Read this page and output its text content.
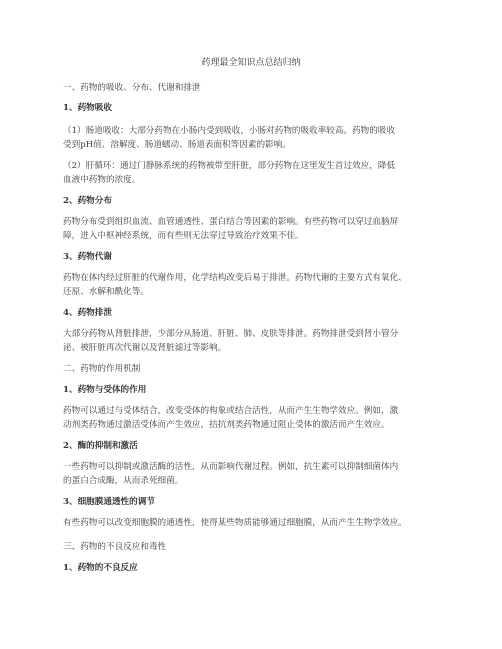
药理最全知识点总结归纳
一、药物的吸收、分布、代谢和排泄
1、药物吸收
（1）肠道吸收：大部分药物在小肠内受到吸收，小肠对药物的吸收率较高。药物的吸收
受到pH值、溶解度、肠道蠕动、肠道表面积等因素的影响。
（2）肝循环：通过门静脉系统的药物被带至肝脏，部分药物在这里发生首过效应，降低
血液中药物的浓度。
2、药物分布
药物分布受到组织血流、血管通透性、蛋白结合等因素的影响。有些药物可以穿过血脑屏
障，进入中枢神经系统，而有些则无法穿过导致治疗效果不佳。
3、药物代谢
药物在体内经过肝脏的代谢作用，化学结构改变后易于排泄。药物代谢的主要方式有氧化、
还原、水解和酰化等。
4、药物排泄
大部分药物从肾脏排泄，少部分从肠道、肝脏、肺、皮肤等排泄。药物排泄受到肾小管分
泌、被肝脏再次代谢以及肾脏滤过等影响。
二、药物的作用机制
1、药物与受体的作用
药物可以通过与受体结合，改变受体的构象或结合活性，从而产生生物学效应。例如，激
动剂类药物通过激活受体而产生效应，拮抗剂类药物通过阻止受体的激活而产生效应。
2、酶的抑制和激活
一些药物可以抑制或激活酶的活性，从而影响代谢过程。例如，抗生素可以抑制细菌体内
的蛋白合成酶，从而杀死细菌。
3、细胞膜通透性的调节
有些药物可以改变细胞膜的通透性，使得某些物质能够通过细胞膜，从而产生生物学效应。
三、药物的不良反应和毒性
1、药物的不良反应
